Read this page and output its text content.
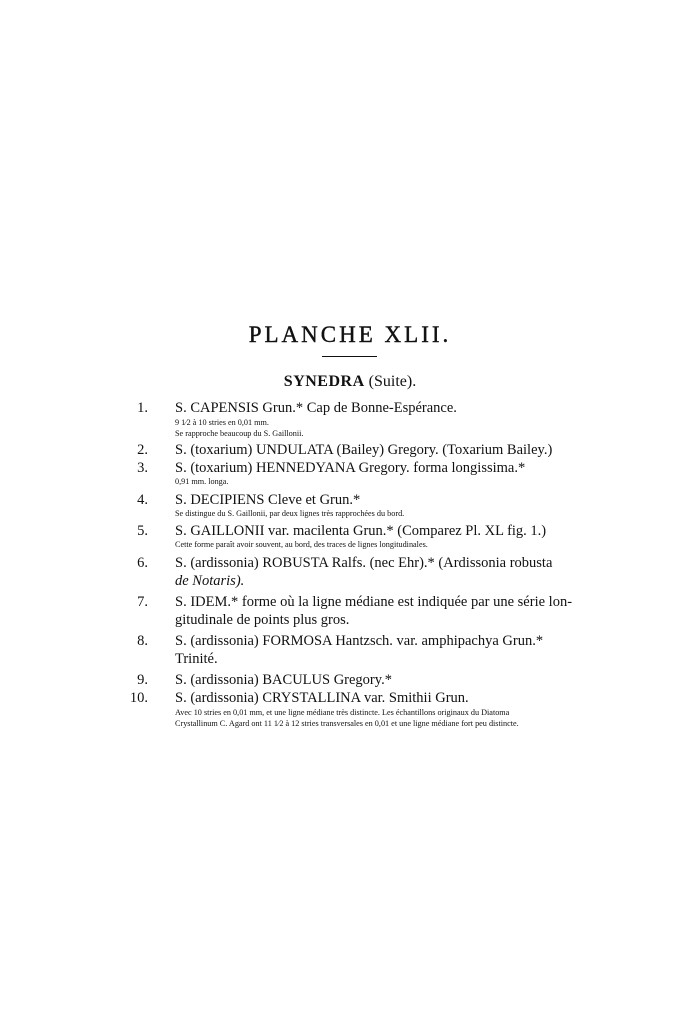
PLANCHE XLII.
SYNEDRA (Suite).
1. S. CAPENSIS Grun.* Cap de Bonne-Espérance.
9 1⁄2 à 10 stries en 0,01 mm.
Se rapproche beaucoup du S. Gaillonii.
2. S. (toxarium) UNDULATA (Bailey) Gregory. (Toxarium Bailey.)
3. S. (toxarium) HENNEDYANA Gregory. forma longissima.*
0,91 mm. longa.
4. S. DECIPIENS Cleve et Grun.*
Se distingue du S. Gaillonii, par deux lignes très rapprochées du bord.
5. S. GAILLONII var. macilenta Grun.* (Comparez Pl. XL fig. 1.)
Cette forme paraît avoir souvent, au bord, des traces de lignes longitudinales.
6. S. (ardissonia) ROBUSTA Ralfs. (nec Ehr).* (Ardissonia robusta
de Notaris).
7. S. IDEM.* forme où la ligne médiane est indiquée par une série lon-
gitudinale de points plus gros.
8. S. (ardissonia) FORMOSA Hantzsch. var. amphipachya Grun.*
Trinité.
9. S. (ardissonia) BACULUS Gregory.*
10. S. (ardissonia) CRYSTALLINA var. Smithii Grun.
Avec 10 stries en 0,01 mm, et une ligne médiane très distincte. Les échantillons originaux du Diatoma
Crystallinum C. Agard ont 11 1⁄2 à 12 stries transversales en 0,01 et une ligne médiane fort peu distincte.
